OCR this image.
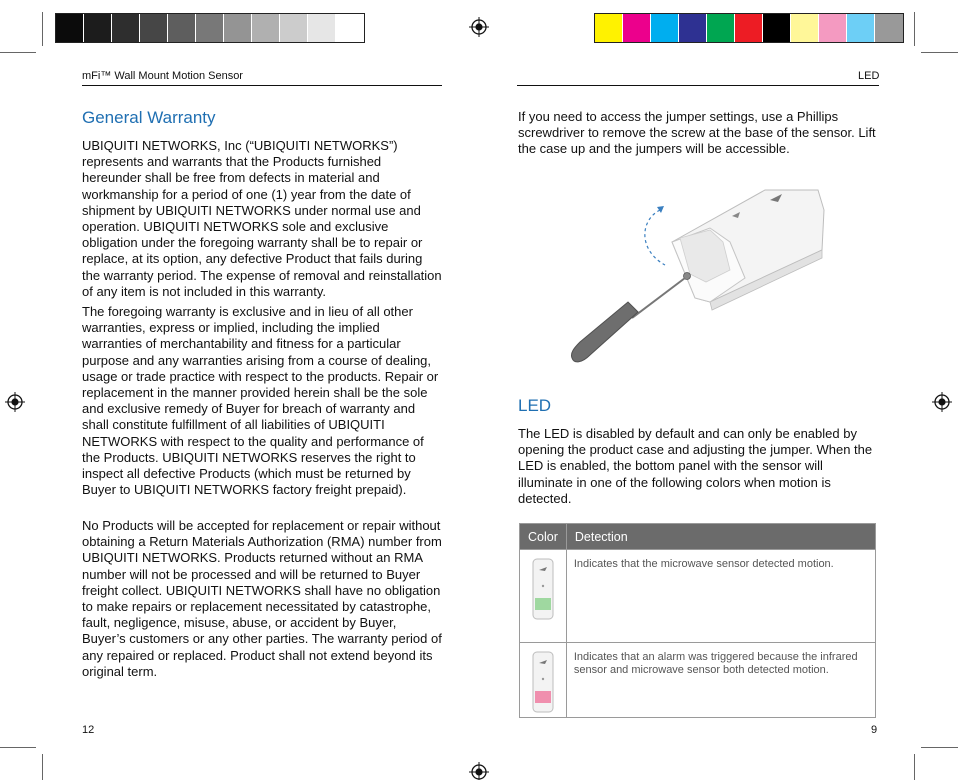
mFi™ Wall Mount Motion Sensor
General Warranty

UBIQUITI NETWORKS, Inc (“UBIQUITI NETWORKS”) represents and warrants that the Products furnished hereunder shall be free from defects in material and workmanship for a period of one (1) year from the date of shipment by UBIQUITI NETWORKS under normal use and operation. UBIQUITI NETWORKS sole and exclusive obligation under the foregoing warranty shall be to repair or replace, at its option, any defective Product that fails during the warranty period. The expense of removal and reinstallation of any item is not included in this warranty.

The foregoing warranty is exclusive and in lieu of all other warranties, express or implied, including the implied warranties of merchantability and fitness for a particular purpose and any warranties arising from a course of dealing, usage or trade practice with respect to the products. Repair or replacement in the manner provided herein shall be the sole and exclusive remedy of Buyer for breach of warranty and shall constitute fulfillment of all liabilities of UBIQUITI NETWORKS with respect to the quality and performance of the Products. UBIQUITI NETWORKS reserves the right to inspect all defective Products (which must be returned by Buyer to UBIQUITI NETWORKS factory freight prepaid).

No Products will be accepted for replacement or repair without obtaining a Return Materials Authorization (RMA) number from UBIQUITI NETWORKS. Products returned without an RMA number will not be processed and will be returned to Buyer freight collect. UBIQUITI NETWORKS shall have no obligation to make repairs or replacement necessitated by catastrophe, fault, negligence, misuse, abuse, or accident by Buyer, Buyer’s customers or any other parties. The warranty period of any repaired or replaced. Product shall not extend beyond its original term.

12
LED

If you need to access the jumper settings, use a Phillips screwdriver to remove the screw at the base of the sensor. Lift the case up and the jumpers will be accessible.

LED

The LED is disabled by default and can only be enabled by opening the product case and adjusting the jumper. When the LED is enabled, the bottom panel with the sensor will illuminate in one of the following colors when motion is detected.

Color	Detection
	Indicates that the microwave sensor detected motion.
	Indicates that an alarm was triggered because the infrared sensor and microwave sensor both detected motion.
9
